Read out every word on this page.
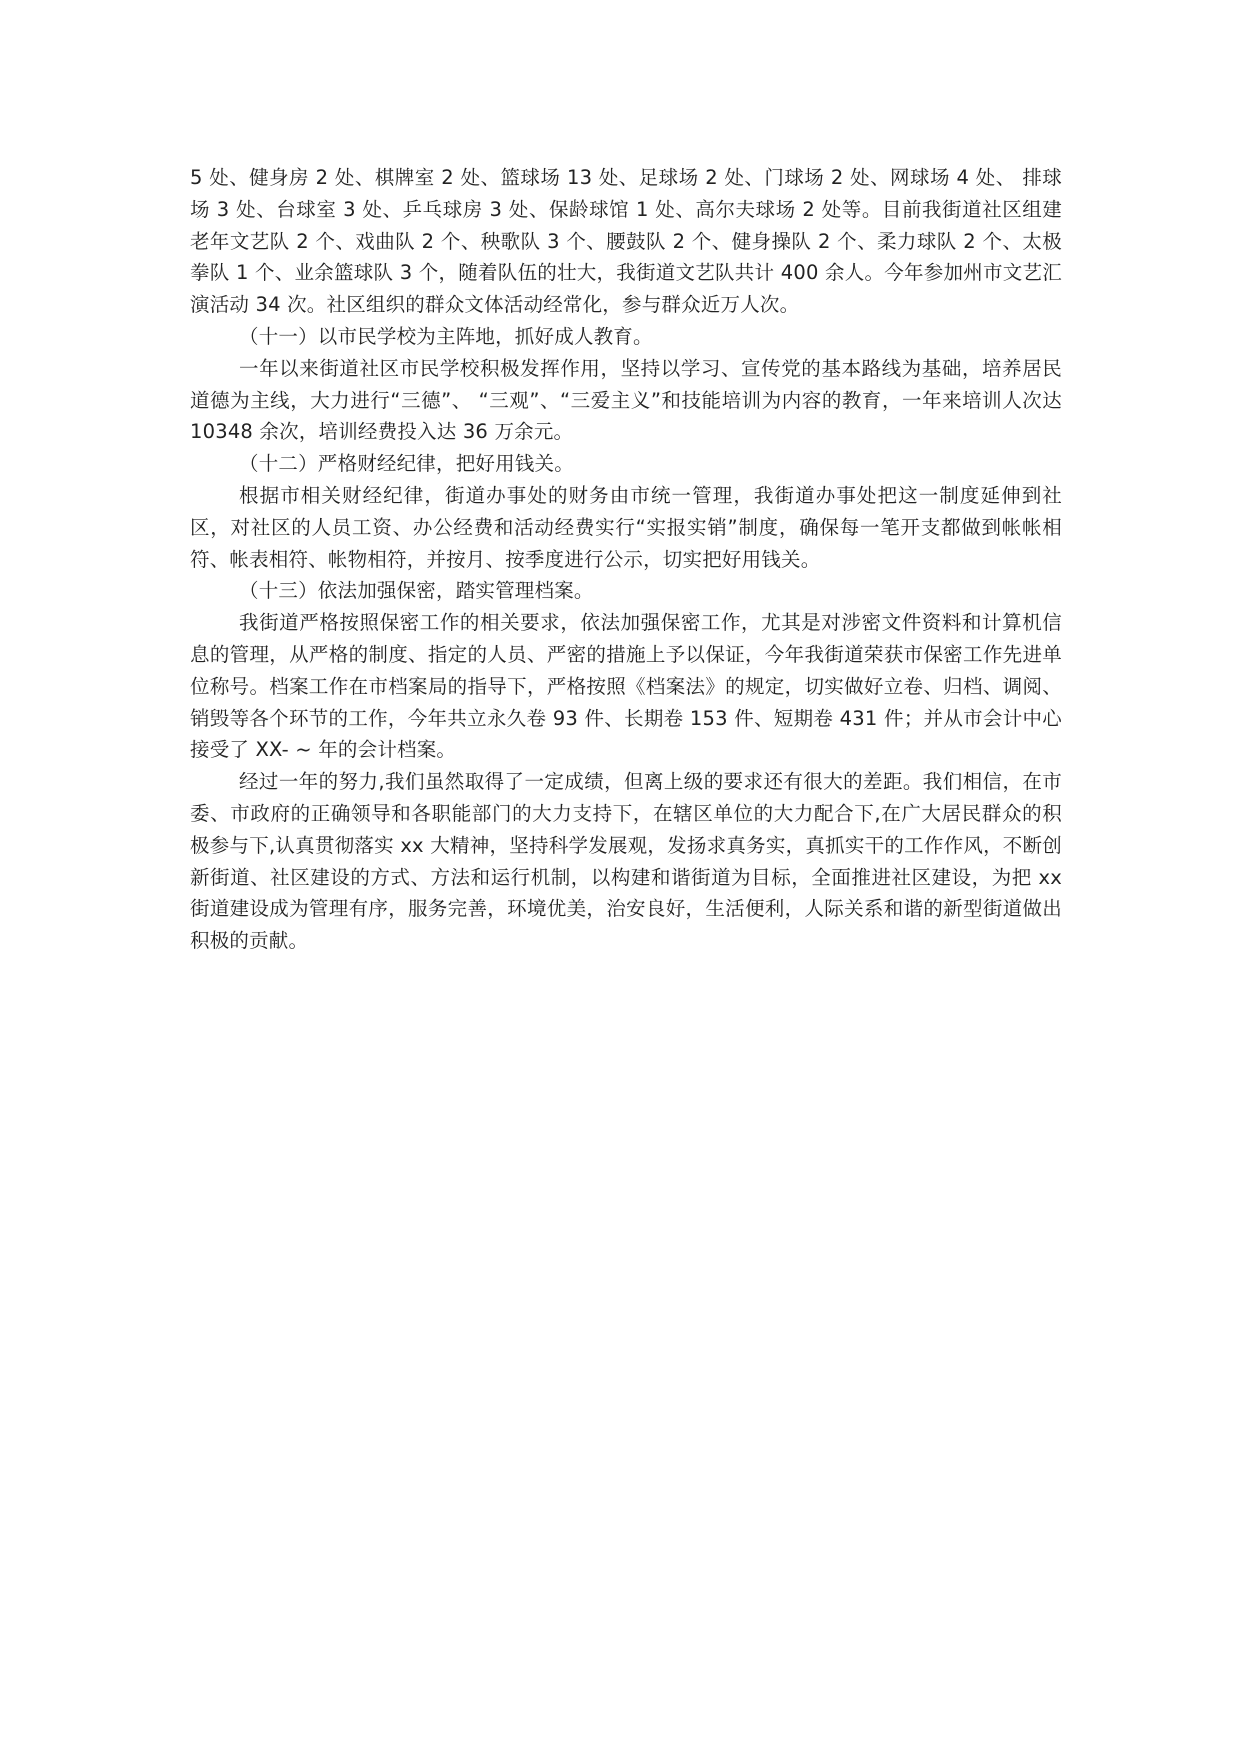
5 处、健身房 2 处、棋牌室 2 处、篮球场 13 处、足球场 2 处、门球场 2 处、网球场 4 处、 排球场 3 处、台球室 3 处、乒乓球房 3 处、保龄球馆 1 处、高尔夫球场 2 处等。目前我街道社区组建老年文艺队 2 个、戏曲队 2 个、秧歌队 3 个、腰鼓队 2 个、健身操队 2 个、柔力球队 2 个、太极拳队 1 个、业余篮球队 3 个，随着队伍的壮大，我街道文艺队共计 400 余人。今年参加州市文艺汇演活动 34 次。社区组织的群众文体活动经常化，参与群众近万人次。

（十一）以市民学校为主阵地，抓好成人教育。

一年以来街道社区市民学校积极发挥作用，坚持以学习、宣传党的基本路线为基础，培养居民道德为主线，大力进行“三德”、 “三观”、“三爱主义”和技能培训为内容的教育，一年来培训人次达 10348 余次，培训经费投入达 36 万余元。

（十二）严格财经纪律，把好用钱关。

根据市相关财经纪律，街道办事处的财务由市统一管理，我街道办事处把这一制度延伸到社区，对社区的人员工资、办公经费和活动经费实行“实报实销”制度，确保每一笔开支都做到帐帐相符、帐表相符、帐物相符，并按月、按季度进行公示，切实把好用钱关。

（十三）依法加强保密，踏实管理档案。

我街道严格按照保密工作的相关要求，依法加强保密工作，尤其是对涉密文件资料和计算机信息的管理，从严格的制度、指定的人员、严密的措施上予以保证，今年我街道荣获市保密工作先进单位称号。档案工作在市档案局的指导下，严格按照《档案法》的规定，切实做好立卷、归档、调阅、销毁等各个环节的工作，今年共立永久卷 93 件、长期卷 153 件、短期卷 431 件；并从市会计中心接受了 XX- ~ 年的会计档案。

经过一年的努力,我们虽然取得了一定成绩，但离上级的要求还有很大的差距。我们相信，在市委、市政府的正确领导和各职能部门的大力支持下，在辖区单位的大力配合下,在广大居民群众的积极参与下,认真贯彻落实 xx 大精神，坚持科学发展观，发扬求真务实，真抓实干的工作作风，不断创新街道、社区建设的方式、方法和运行机制，以构建和谐街道为目标，全面推进社区建设，为把 xx 街道建设成为管理有序，服务完善，环境优美，治安良好，生活便利，人际关系和谐的新型街道做出积极的贡献。
